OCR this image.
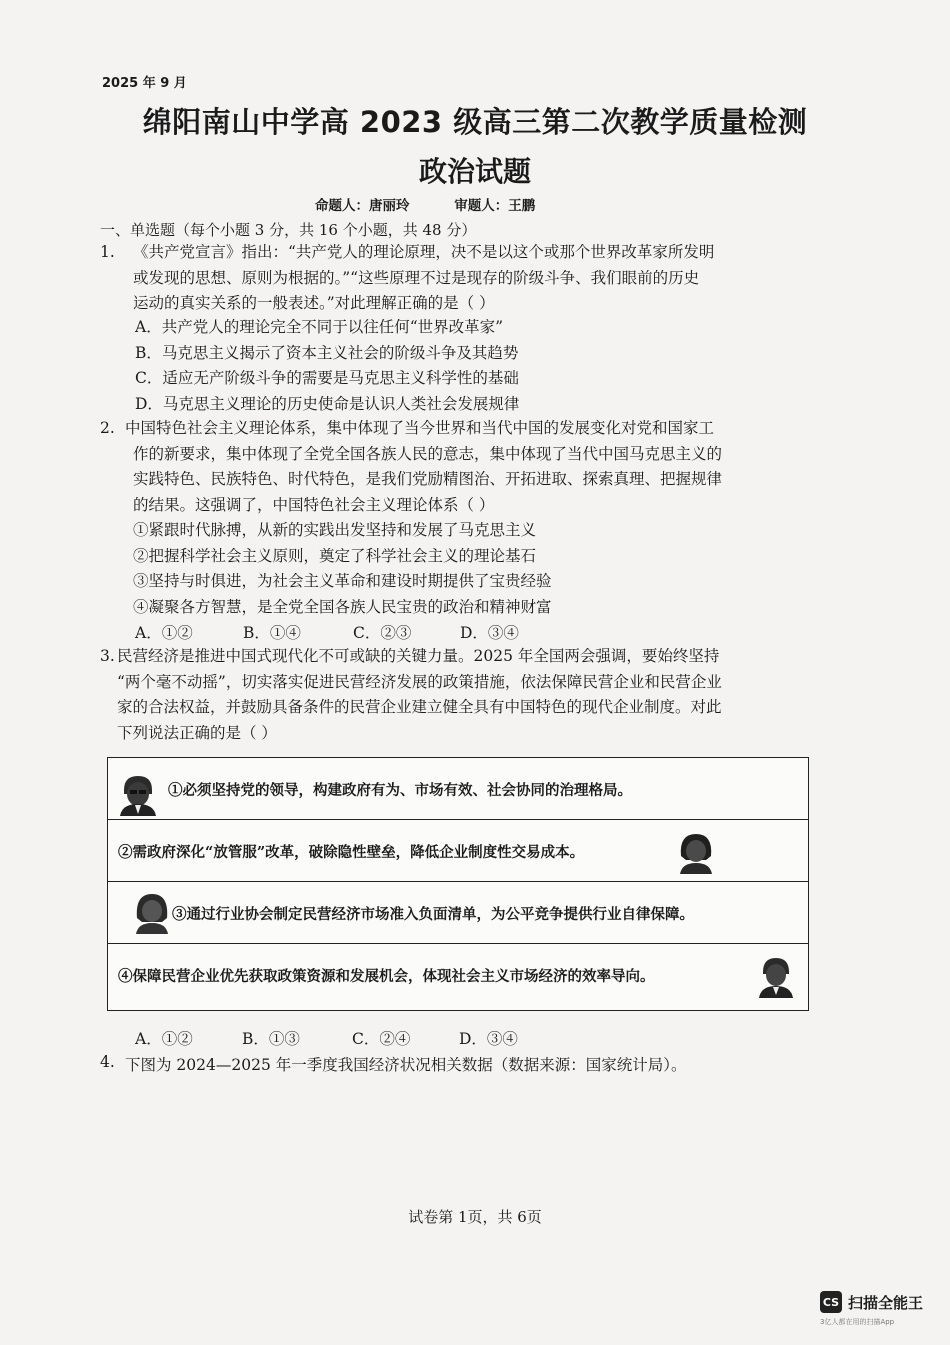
2025 年 9 月
绵阳南山中学高 2023 级高三第二次教学质量检测
政治试题
命题人：唐丽玲	审题人：王鹏
一、单选题（每个小题 3 分，共 16 个小题，共 48 分）
1. 《共产党宣言》指出：“共产党人的理论原理，决不是以这个或那个世界改革家所发明
或发现的思想、原则为根据的。”“这些原理不过是现存的阶级斗争、我们眼前的历史
运动的真实关系的一般表述。”对此理解正确的是（ ）
A．共产党人的理论完全不同于以往任何“世界改革家”
B．马克思主义揭示了资本主义社会的阶级斗争及其趋势
C．适应无产阶级斗争的需要是马克思主义科学性的基础
D．马克思主义理论的历史使命是认识人类社会发展规律
2. 中国特色社会主义理论体系，集中体现了当今世界和当代中国的发展变化对党和国家工
作的新要求，集中体现了全党全国各族人民的意志，集中体现了当代中国马克思主义的
实践特色、民族特色、时代特色，是我们党励精图治、开拓进取、探索真理、把握规律
的结果。这强调了，中国特色社会主义理论体系（ ）
①紧跟时代脉搏，从新的实践出发坚持和发展了马克思主义
②把握科学社会主义原则，奠定了科学社会主义的理论基石
③坚持与时俱进，为社会主义革命和建设时期提供了宝贵经验
④凝聚各方智慧，是全党全国各族人民宝贵的政治和精神财富
A．①②	B．①④	C．②③	D．③④
3. 民营经济是推进中国式现代化不可或缺的关键力量。2025 年全国两会强调，要始终坚持
“两个毫不动摇”，切实落实促进民营经济发展的政策措施，依法保障民营企业和民营企业
家的合法权益，并鼓励具备条件的民营企业建立健全具有中国特色的现代企业制度。对此
下列说法正确的是（ ）
①必须坚持党的领导，构建政府有为、市场有效、社会协同的治理格局。
②需政府深化“放管服”改革，破除隐性壁垒，降低企业制度性交易成本。
③通过行业协会制定民营经济市场准入负面清单，为公平竞争提供行业自律保障。
④保障民营企业优先获取政策资源和发展机会，体现社会主义市场经济的效率导向。
A．①②	B．①③	C．②④	D．③④
4. 下图为 2024—2025 年一季度我国经济状况相关数据（数据来源：国家统计局）。
试卷第 1页，共 6页
CS 扫描全能王
3亿人都在用的扫描App
